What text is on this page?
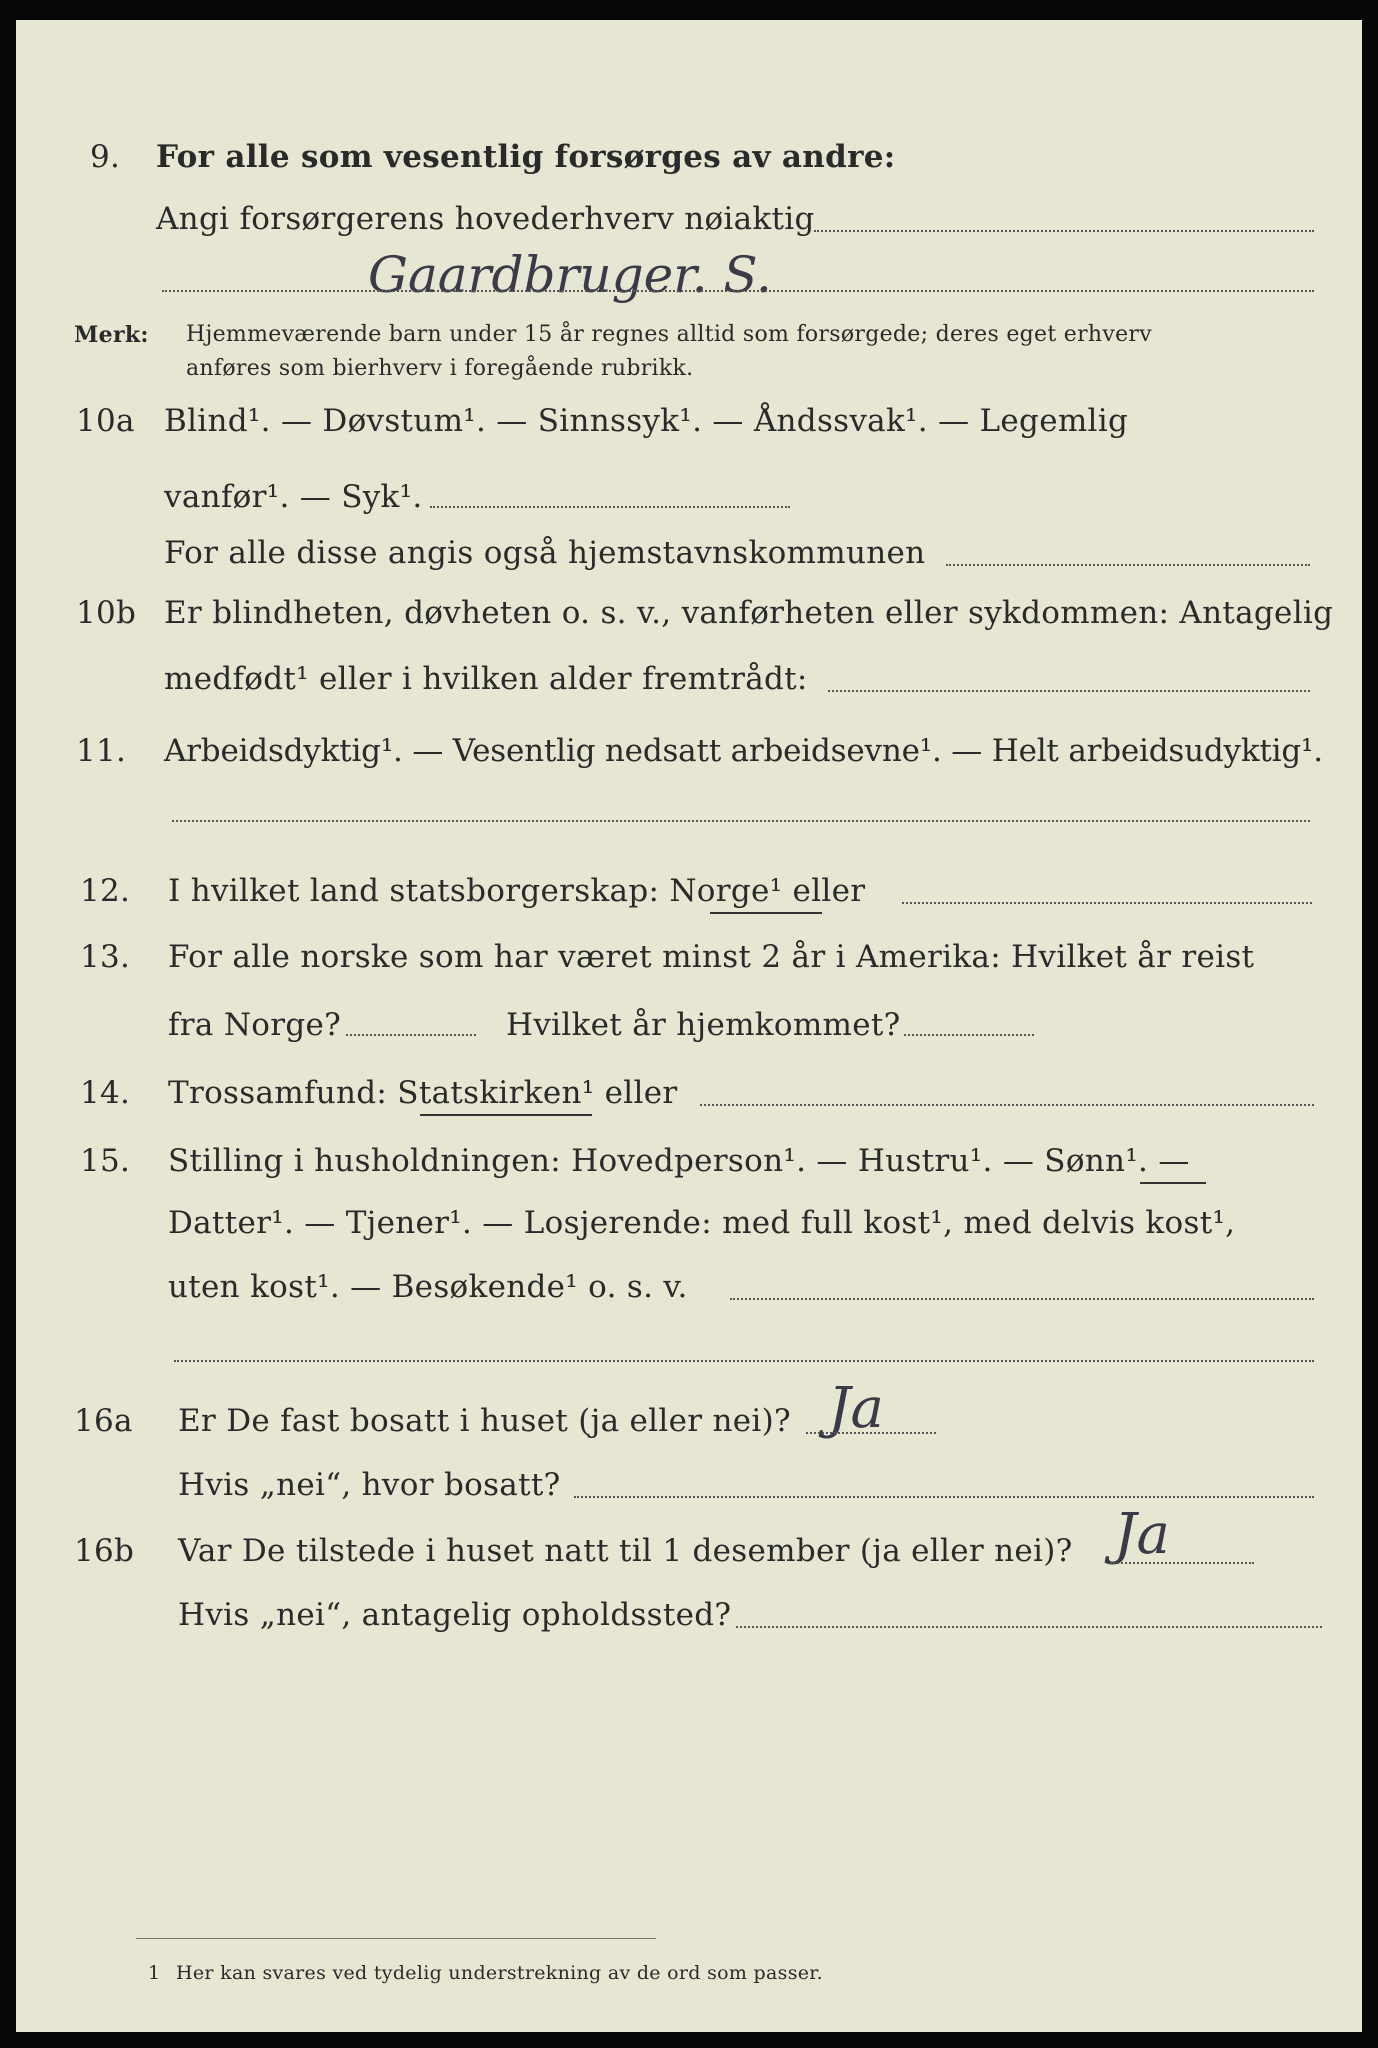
9. For alle som vesentlig forsørges av andre:
Angi forsørgerens hovederhverv nøiaktig
Gaardbruger. S.
Merk: Hjemmeværende barn under 15 år regnes alltid som forsørgede; deres eget erhverv
anføres som bierhverv i foregående rubrikk.
10a Blind¹. — Døvstum¹. — Sinnssyk¹. — Åndssvak¹. — Legemlig
vanfør¹. — Syk¹.
For alle disse angis også hjemstavnskommunen
10b Er blindheten, døvheten o. s. v., vanførheten eller sykdommen: Antagelig
medfødt¹ eller i hvilken alder fremtrådt:
11. Arbeidsdyktig¹. — Vesentlig nedsatt arbeidsevne¹. — Helt arbeidsudyktig¹.
12. I hvilket land statsborgerskap: Norge¹ eller
13. For alle norske som har været minst 2 år i Amerika: Hvilket år reist
fra Norge?	Hvilket år hjemkommet?
14. Trossamfund: Statskirken¹ eller
15. Stilling i husholdningen: Hovedperson¹. — Hustru¹. — Sønn¹. —
Datter¹. — Tjener¹. — Losjerende: med full kost¹, med delvis kost¹,
uten kost¹. — Besøkende¹ o. s. v.
16a Er De fast bosatt i huset (ja eller nei)? Ja
Hvis „nei“, hvor bosatt?
16b Var De tilstede i huset natt til 1 desember (ja eller nei)? Ja
Hvis „nei“, antagelig opholdssted?
1 Her kan svares ved tydelig understrekning av de ord som passer.
